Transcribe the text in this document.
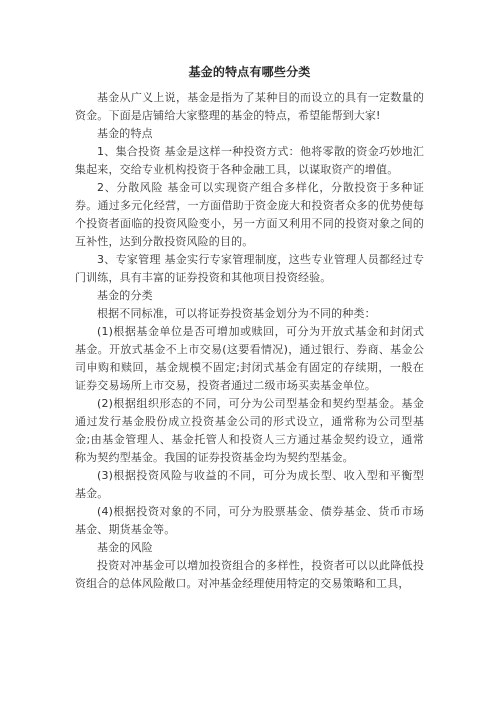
基金的特点有哪些分类

基金从广义上说，基金是指为了某种目的而设立的具有一定数量的资金。下面是店铺给大家整理的基金的特点，希望能帮到大家!

基金的特点

1、集合投资 基金是这样一种投资方式：他将零散的资金巧妙地汇集起来，交给专业机构投资于各种金融工具，以谋取资产的增值。

2、分散风险 基金可以实现资产组合多样化，分散投资于多种证券。通过多元化经营，一方面借助于资金庞大和投资者众多的优势使每个投资者面临的投资风险变小，另一方面又利用不同的投资对象之间的互补性，达到分散投资风险的目的。

3、专家管理 基金实行专家管理制度，这些专业管理人员都经过专门训练，具有丰富的证券投资和其他项目投资经验。

基金的分类

根据不同标准，可以将证券投资基金划分为不同的种类：

(1)根据基金单位是否可增加或赎回，可分为开放式基金和封闭式基金。开放式基金不上市交易(这要看情况)，通过银行、券商、基金公司申购和赎回，基金规模不固定;封闭式基金有固定的存续期，一般在证券交易场所上市交易，投资者通过二级市场买卖基金单位。

(2)根据组织形态的不同，可分为公司型基金和契约型基金。基金通过发行基金股份成立投资基金公司的形式设立，通常称为公司型基金;由基金管理人、基金托管人和投资人三方通过基金契约设立，通常称为契约型基金。我国的证券投资基金均为契约型基金。

(3)根据投资风险与收益的不同，可分为成长型、收入型和平衡型基金。

(4)根据投资对象的不同，可分为股票基金、债券基金、货币市场基金、期货基金等。

基金的风险

投资对冲基金可以增加投资组合的多样性，投资者可以以此降低投资组合的总体风险敞口。对冲基金经理使用特定的交易策略和工具，
